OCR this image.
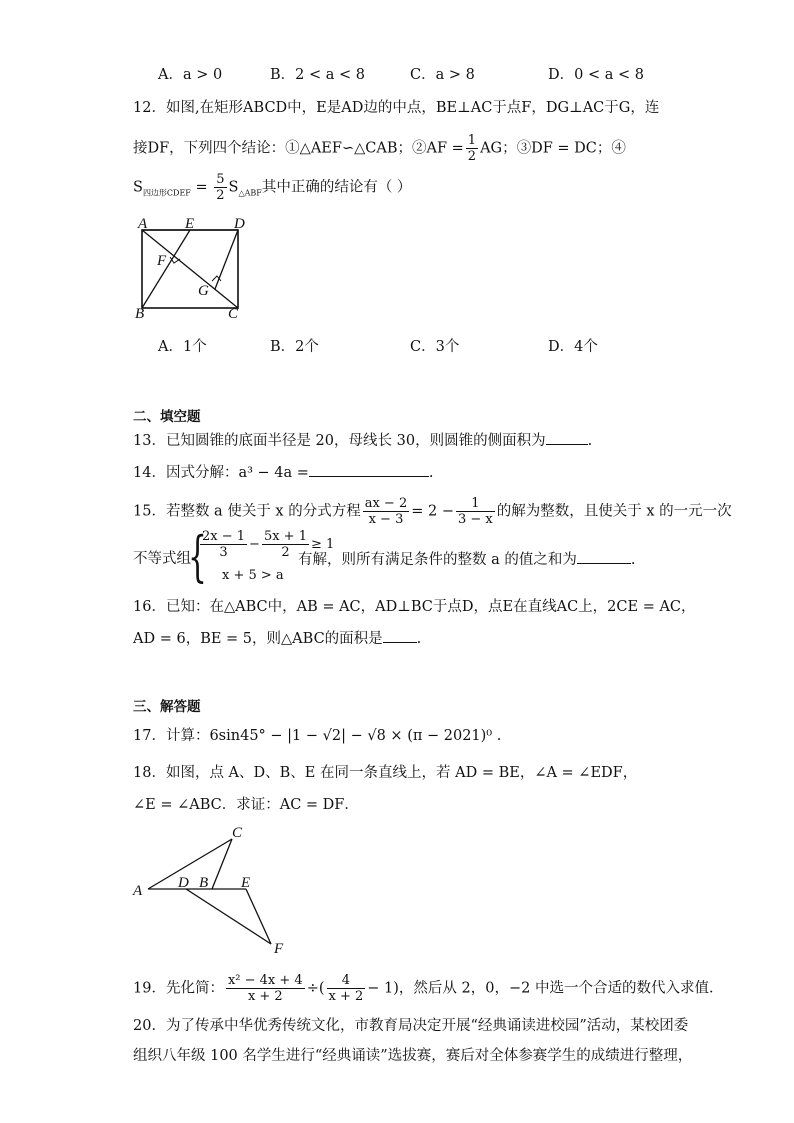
A．a > 0	B．2 < a < 8	C．a > 8	D．0 < a < 8
12．如图,在矩形ABCD中，E是AD边的中点，BE⊥AC于点F，DG⊥AC于G，连
接DF，下列四个结论：①△AEF∽△CAB；②AF = $\frac{1}{2}$ AG；③DF = DC；④
$S_{四边形CDEF} = \frac{5}{2} S_{\triangle ABF}$其中正确的结论有（ ）
A	E	D
F
G
B	C
A．1个	B．2个	C．3个	D．4个
二、填空题
13．已知圆锥的底面半径是 20，母线长 30，则圆锥的侧面积为	.
14．因式分解：a³ − 4a =	.
15．若整数 a 使关于 x 的分式方程 $\frac{ax - 2}{x - 3} = 2 - \frac{1}{3 - x}$ 的解为整数，且使关于 x 的一元一次
不等式组
{
$\frac{2x - 1}{3} - \frac{5x + 1}{2} \ge 1$
x + 5 > a
有解，则所有满足条件的整数 a 的值之和为	.
16．已知：在△ABC中，AB = AC，AD⊥BC于点D，点E在直线AC上，2CE = AC，
AD = 6，BE = 5，则△ABC的面积是 .
三、解答题
17．计算：6sin45° − |1 − √2| − √8 × (π − 2021)⁰ .
18．如图，点 A、D、B、E 在同一条直线上，若 AD = BE，∠A = ∠EDF，
∠E = ∠ABC．求证：AC = DF．
A D B E
C
F
19．先化简： $\frac{\text{x² − 4x + 4}}{x + 2}$ ÷( $\frac{4}{x + 2} - 1$)，然后从 2，0，−2 中选一个合适的数代入求值．
20．为了传承中华优秀传统文化，市教育局决定开展“经典诵读进校园”活动，某校团委
组织八年级 100 名学生进行“经典诵读”选拔赛，赛后对全体参赛学生的成绩进行整理，
